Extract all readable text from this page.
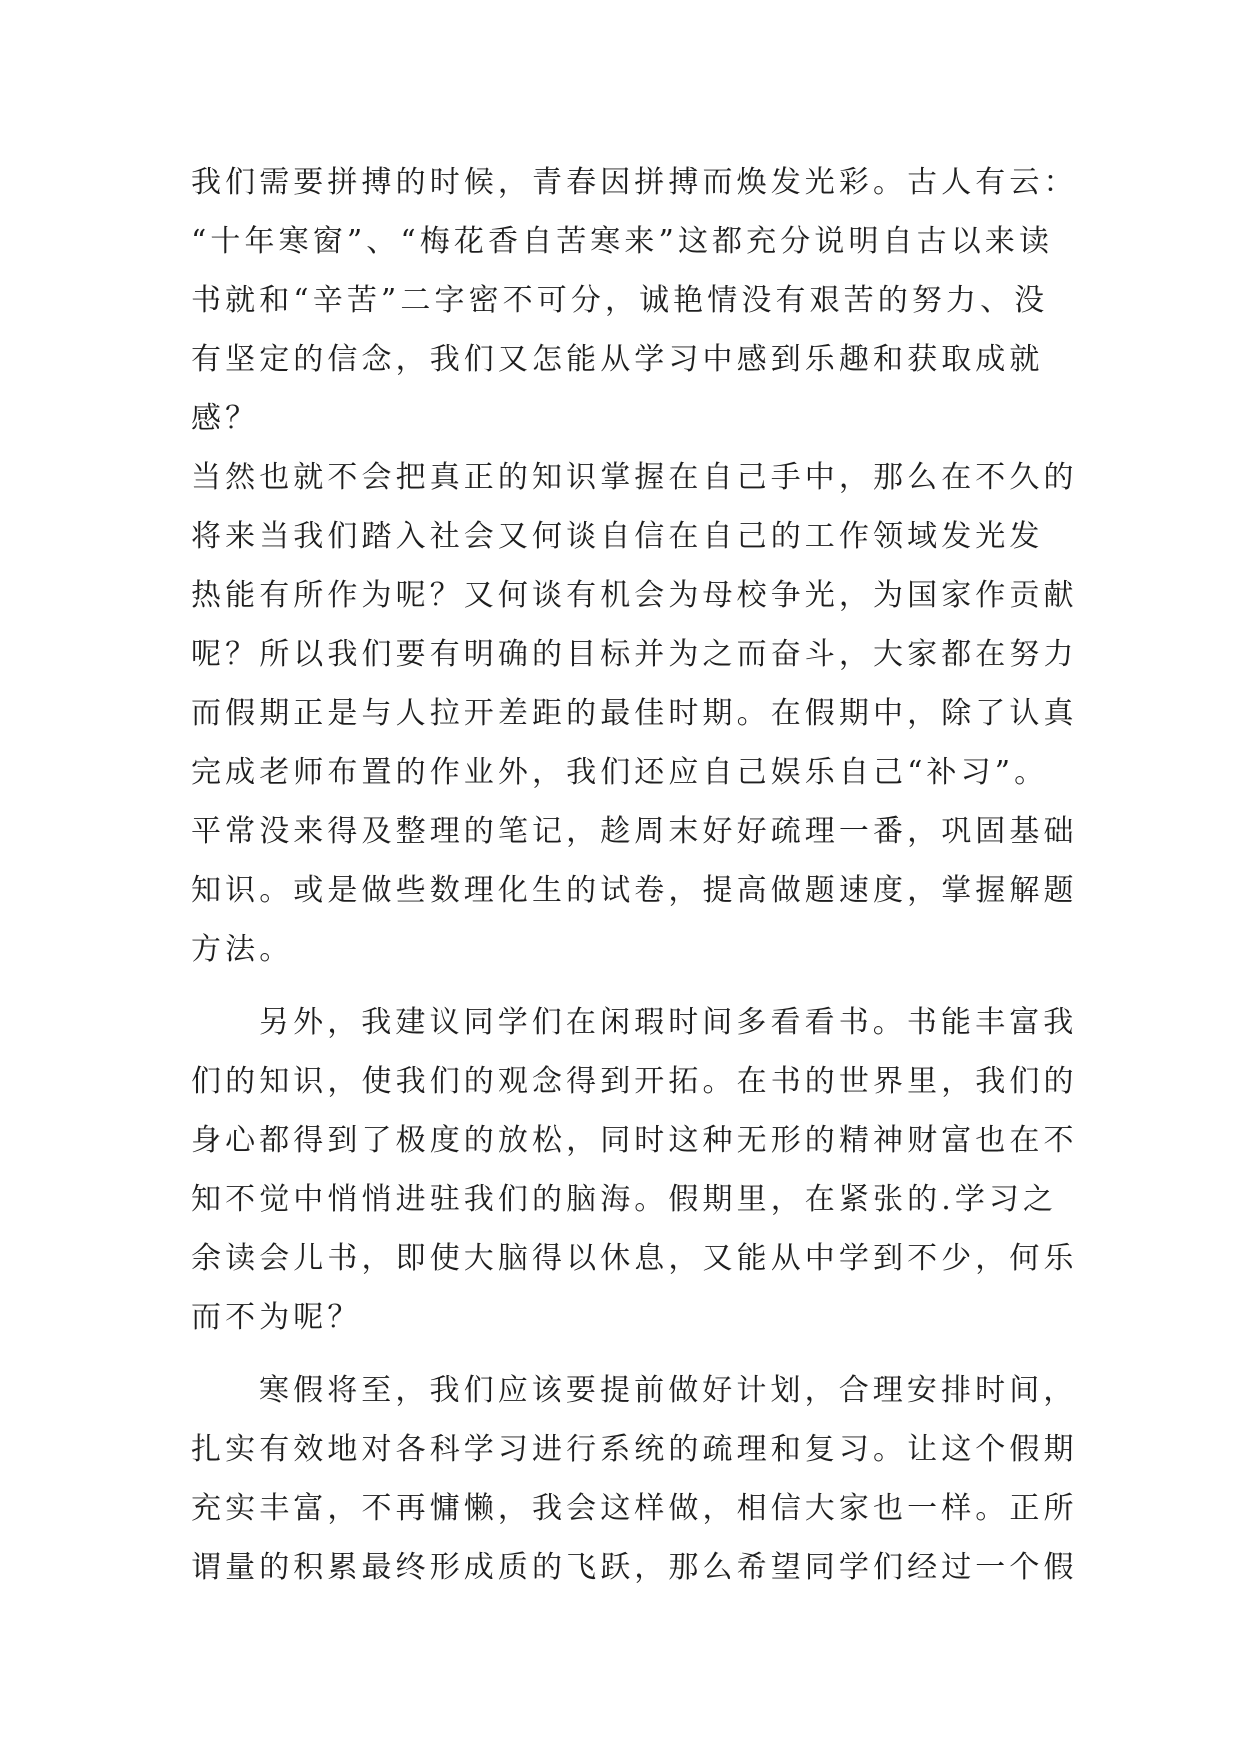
我们需要拼搏的时候，青春因拼搏而焕发光彩。古人有云：
“十年寒窗”、“梅花香自苦寒来”这都充分说明自古以来读
书就和“辛苦”二字密不可分，诚艳情没有艰苦的努力、没
有坚定的信念，我们又怎能从学习中感到乐趣和获取成就
感？
当然也就不会把真正的知识掌握在自己手中，那么在不久的
将来当我们踏入社会又何谈自信在自己的工作领域发光发
热能有所作为呢？又何谈有机会为母校争光，为国家作贡献
呢？所以我们要有明确的目标并为之而奋斗，大家都在努力
而假期正是与人拉开差距的最佳时期。在假期中，除了认真
完成老师布置的作业外，我们还应自己娱乐自己“补习”。
平常没来得及整理的笔记，趁周末好好疏理一番，巩固基础
知识。或是做些数理化生的试卷，提高做题速度，掌握解题
方法。
另外，我建议同学们在闲瑕时间多看看书。书能丰富我
们的知识，使我们的观念得到开拓。在书的世界里，我们的
身心都得到了极度的放松，同时这种无形的精神财富也在不
知不觉中悄悄进驻我们的脑海。假期里，在紧张的.学习之
余读会儿书，即使大脑得以休息，又能从中学到不少，何乐
而不为呢？
寒假将至，我们应该要提前做好计划，合理安排时间，
扎实有效地对各科学习进行系统的疏理和复习。让这个假期
充实丰富，不再慵懒，我会这样做，相信大家也一样。正所
谓量的积累最终形成质的飞跃，那么希望同学们经过一个假
